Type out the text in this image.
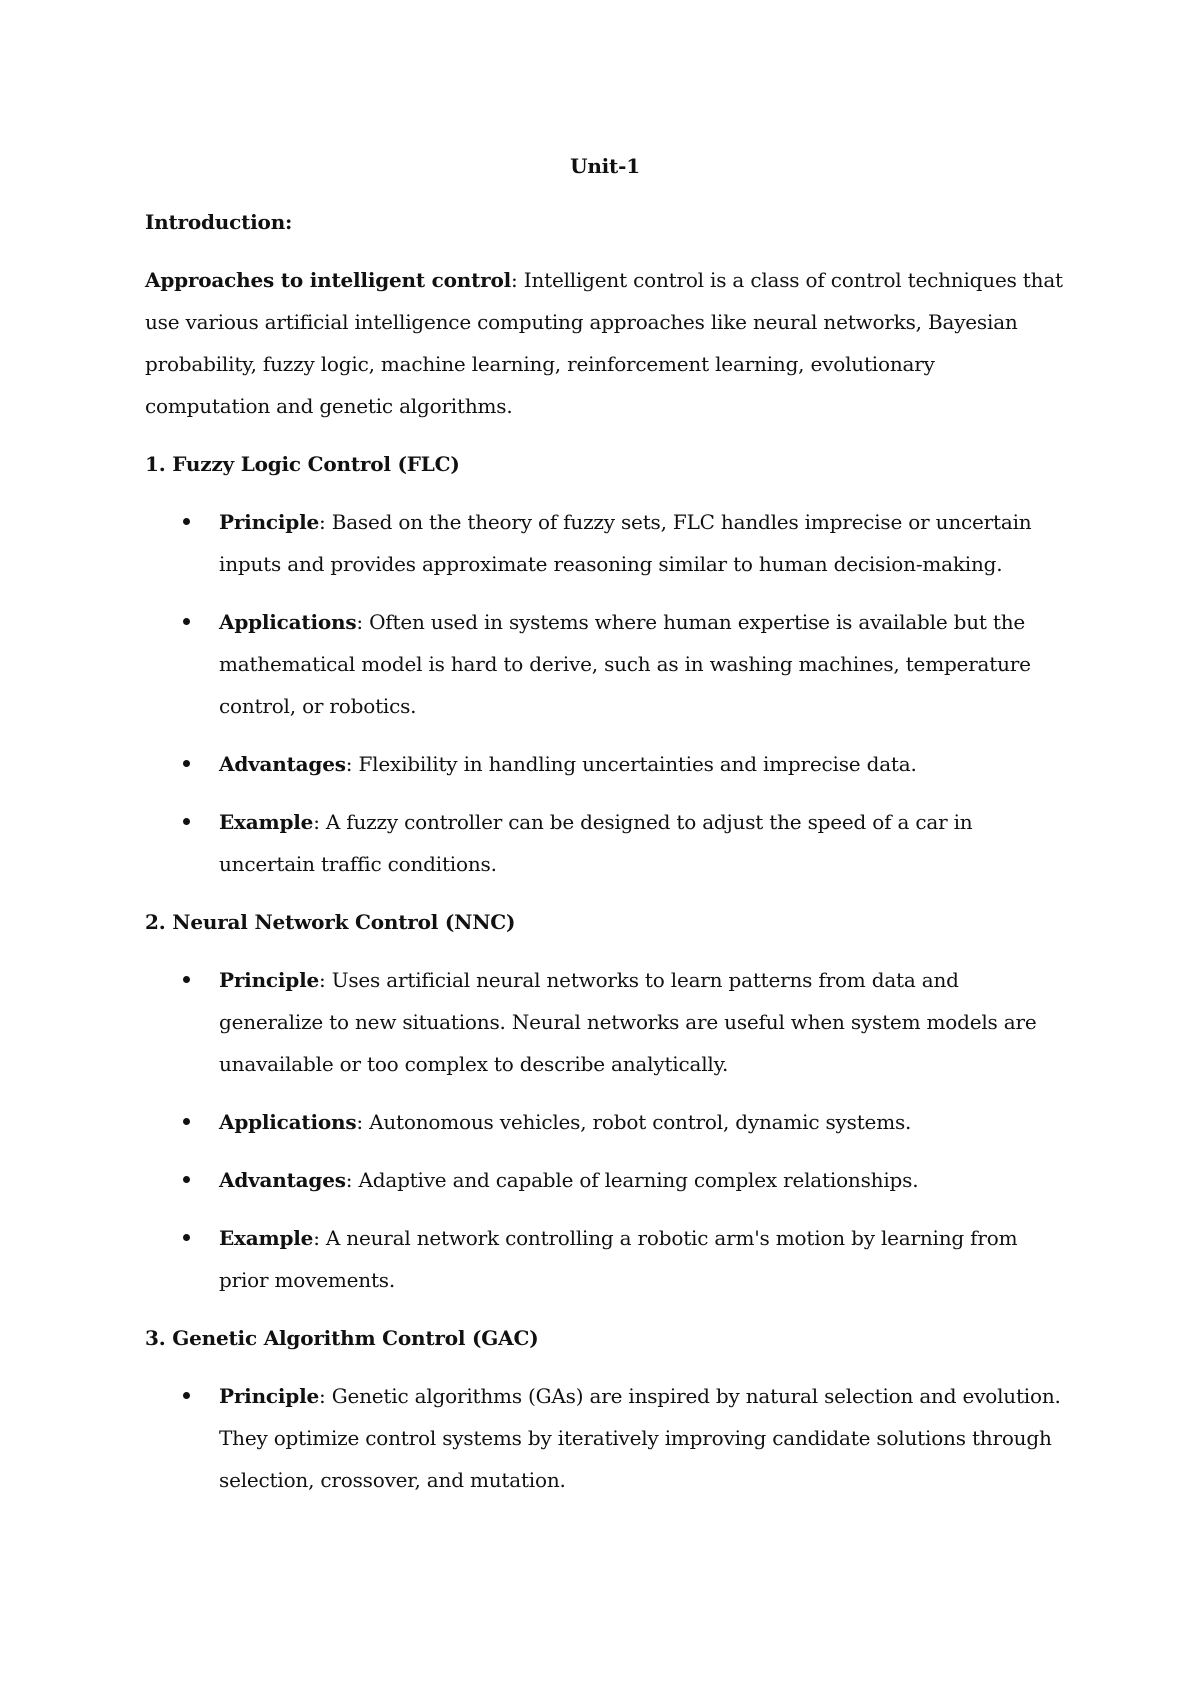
Unit-1
Introduction:
Approaches to intelligent control: Intelligent control is a class of control techniques that use various artificial intelligence computing approaches like neural networks, Bayesian probability, fuzzy logic, machine learning, reinforcement learning, evolutionary computation and genetic algorithms.
1. Fuzzy Logic Control (FLC)
Principle: Based on the theory of fuzzy sets, FLC handles imprecise or uncertain inputs and provides approximate reasoning similar to human decision-making.
Applications: Often used in systems where human expertise is available but the mathematical model is hard to derive, such as in washing machines, temperature control, or robotics.
Advantages: Flexibility in handling uncertainties and imprecise data.
Example: A fuzzy controller can be designed to adjust the speed of a car in uncertain traffic conditions.
2. Neural Network Control (NNC)
Principle: Uses artificial neural networks to learn patterns from data and generalize to new situations. Neural networks are useful when system models are unavailable or too complex to describe analytically.
Applications: Autonomous vehicles, robot control, dynamic systems.
Advantages: Adaptive and capable of learning complex relationships.
Example: A neural network controlling a robotic arm's motion by learning from prior movements.
3. Genetic Algorithm Control (GAC)
Principle: Genetic algorithms (GAs) are inspired by natural selection and evolution. They optimize control systems by iteratively improving candidate solutions through selection, crossover, and mutation.
